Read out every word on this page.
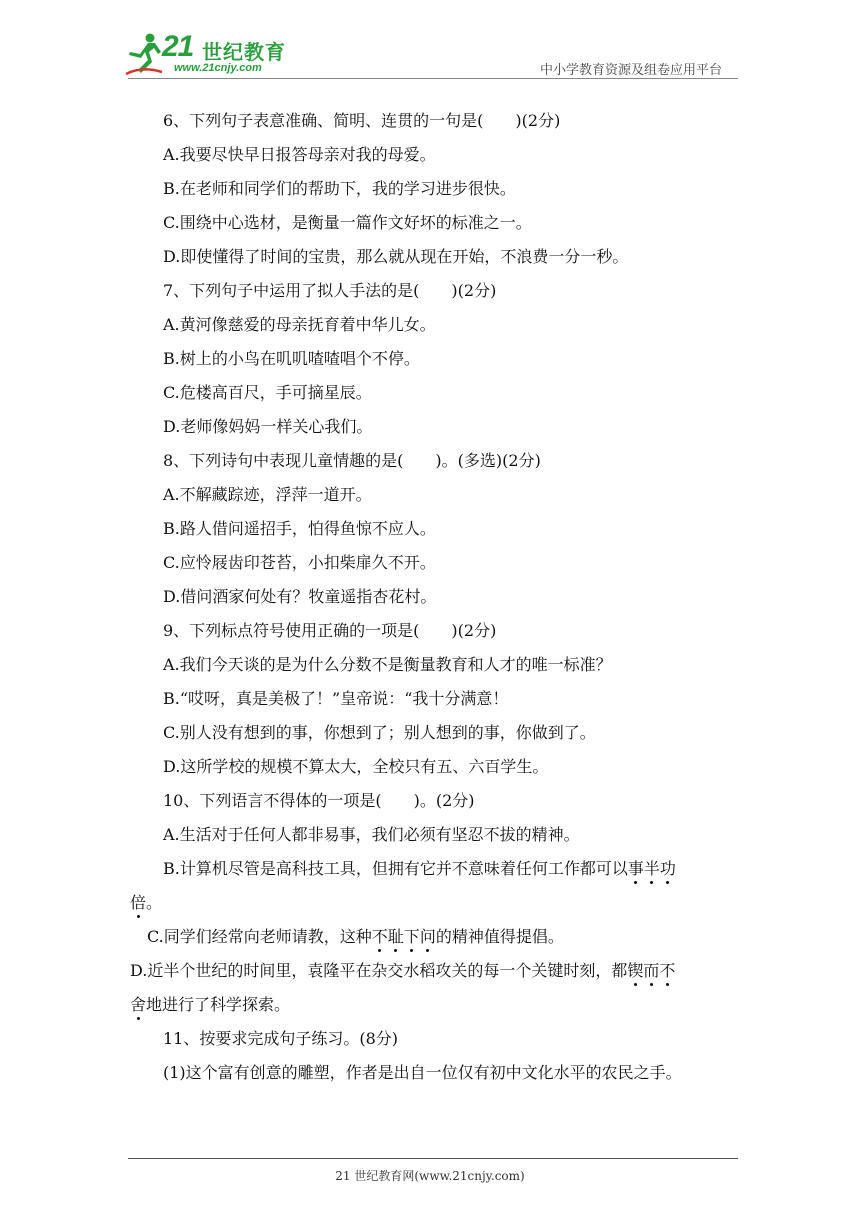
21 世纪教育
www.21cnjy.com	中小学教育资源及组卷应用平台
6、下列句子表意准确、简明、连贯的一句是(　　)(2分)
A.我要尽快早日报答母亲对我的母爱。
B.在老师和同学们的帮助下，我的学习进步很快。
C.围绕中心选材，是衡量一篇作文好坏的标准之一。
D.即使懂得了时间的宝贵，那么就从现在开始，不浪费一分一秒。
7、下列句子中运用了拟人手法的是(　　)(2分)
A.黄河像慈爱的母亲抚育着中华儿女。
B.树上的小鸟在叽叽喳喳唱个不停。
C.危楼高百尺，手可摘星辰。
D.老师像妈妈一样关心我们。
8、下列诗句中表现儿童情趣的是(　　)。(多选)(2分)
A.不解藏踪迹，浮萍一道开。
B.路人借问遥招手，怕得鱼惊不应人。
C.应怜屐齿印苍苔，小扣柴扉久不开。
D.借问酒家何处有？牧童遥指杏花村。
9、下列标点符号使用正确的一项是(　　)(2分)
A.我们今天谈的是为什么分数不是衡量教育和人才的唯一标准？
B.“哎呀，真是美极了！”皇帝说：“我十分满意！
C.别人没有想到的事，你想到了；别人想到的事，你做到了。
D.这所学校的规模不算太大，全校只有五、六百学生。
10、下列语言不得体的一项是(　　)。(2分)
A.生活对于任何人都非易事，我们必须有坚忍不拔的精神。
B.计算机尽管是高科技工具，但拥有它并不意味着任何工作都可以事半功
倍。
C.同学们经常向老师请教，这种不耻下问的精神值得提倡。
D.近半个世纪的时间里，袁隆平在杂交水稻攻关的每一个关键时刻，都锲而不
舍地进行了科学探索。
11、按要求完成句子练习。(8分)
(1)这个富有创意的雕塑，作者是出自一位仅有初中文化水平的农民之手。
21 世纪教育网(www.21cnjy.com)
